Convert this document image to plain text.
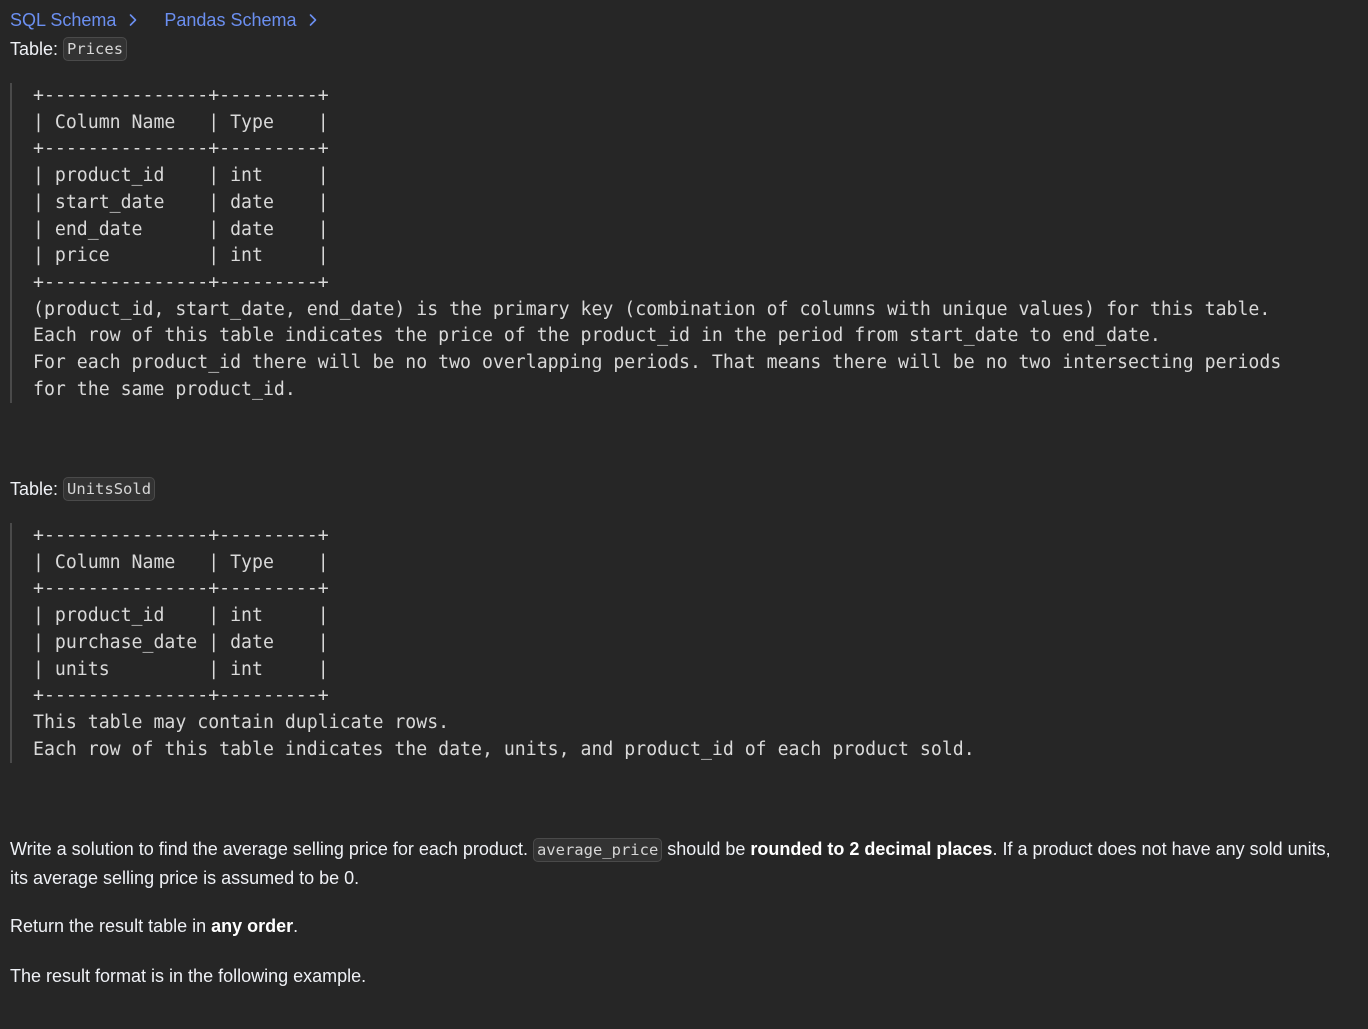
SQL Schema	Pandas Schema
Table: Prices
+---------------+---------+
| Column Name   | Type    |
+---------------+---------+
| product_id    | int     |
| start_date    | date    |
| end_date      | date    |
| price         | int     |
+---------------+---------+
(product_id, start_date, end_date) is the primary key (combination of columns with unique values) for this table.
Each row of this table indicates the price of the product_id in the period from start_date to end_date.
For each product_id there will be no two overlapping periods. That means there will be no two intersecting periods
for the same product_id.
Table: UnitsSold
+---------------+---------+
| Column Name   | Type    |
+---------------+---------+
| product_id    | int     |
| purchase_date | date    |
| units         | int     |
+---------------+---------+
This table may contain duplicate rows.
Each row of this table indicates the date, units, and product_id of each product sold.
Write a solution to find the average selling price for each product. average_price should be rounded to 2 decimal places. If a product does not have any sold units, its average selling price is assumed to be 0.
Return the result table in any order.
The result format is in the following example.
